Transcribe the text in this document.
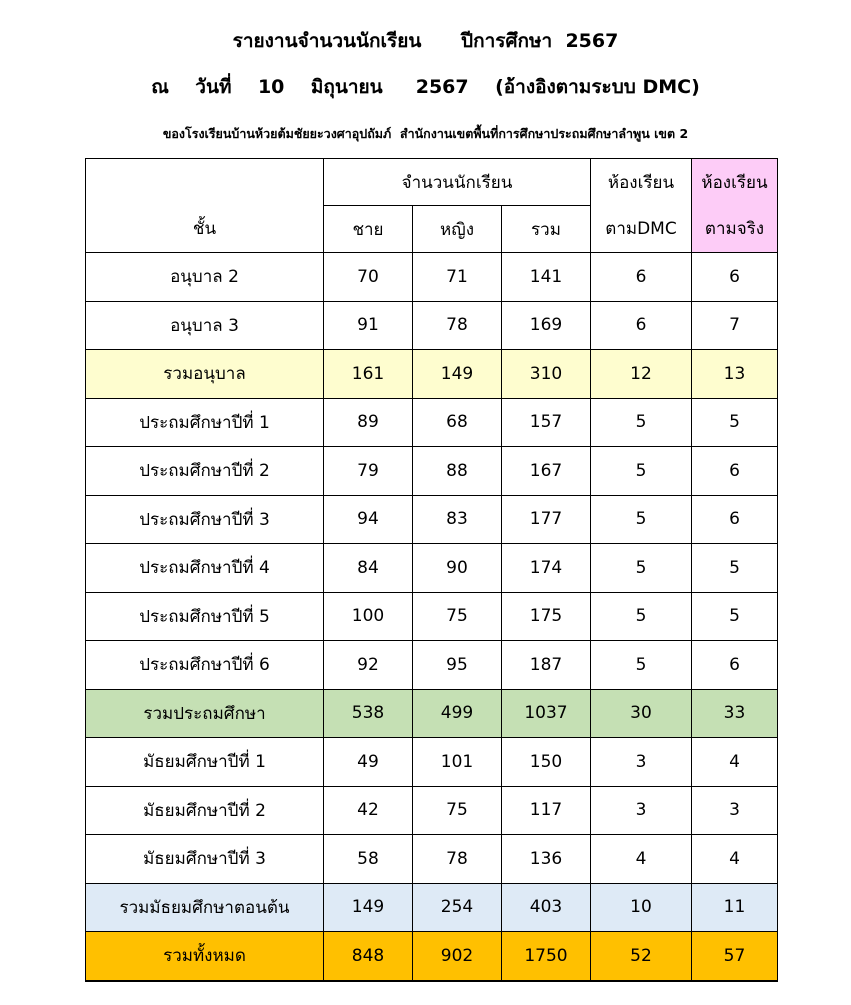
รายงานจำนวนนักเรียน      ปีการศึกษา  2567
ณ    วันที่    10    มิถุนายน     2567    (อ้างอิงตามระบบ DMC)
ของโรงเรียนบ้านห้วยต้มชัยยะวงศาอุปถัมภ์  สำนักงานเขตพื้นที่การศึกษาประถมศึกษาลำพูน เขต 2
ชั้น	จำนวนนักเรียน			ห้องเรียน	ห้องเรียน
	ชาย	หญิง	รวม	ตามDMC	ตามจริง
อนุบาล 2	70	71	141	6	6
อนุบาล 3	91	78	169	6	7
รวมอนุบาล	161	149	310	12	13
ประถมศึกษาปีที่ 1	89	68	157	5	5
ประถมศึกษาปีที่ 2	79	88	167	5	6
ประถมศึกษาปีที่ 3	94	83	177	5	6
ประถมศึกษาปีที่ 4	84	90	174	5	5
ประถมศึกษาปีที่ 5	100	75	175	5	5
ประถมศึกษาปีที่ 6	92	95	187	5	6
รวมประถมศึกษา	538	499	1037	30	33
มัธยมศึกษาปีที่ 1	49	101	150	3	4
มัธยมศึกษาปีที่ 2	42	75	117	3	3
มัธยมศึกษาปีที่ 3	58	78	136	4	4
รวมมัธยมศึกษาตอนต้น	149	254	403	10	11
รวมทั้งหมด	848	902	1750	52	57
